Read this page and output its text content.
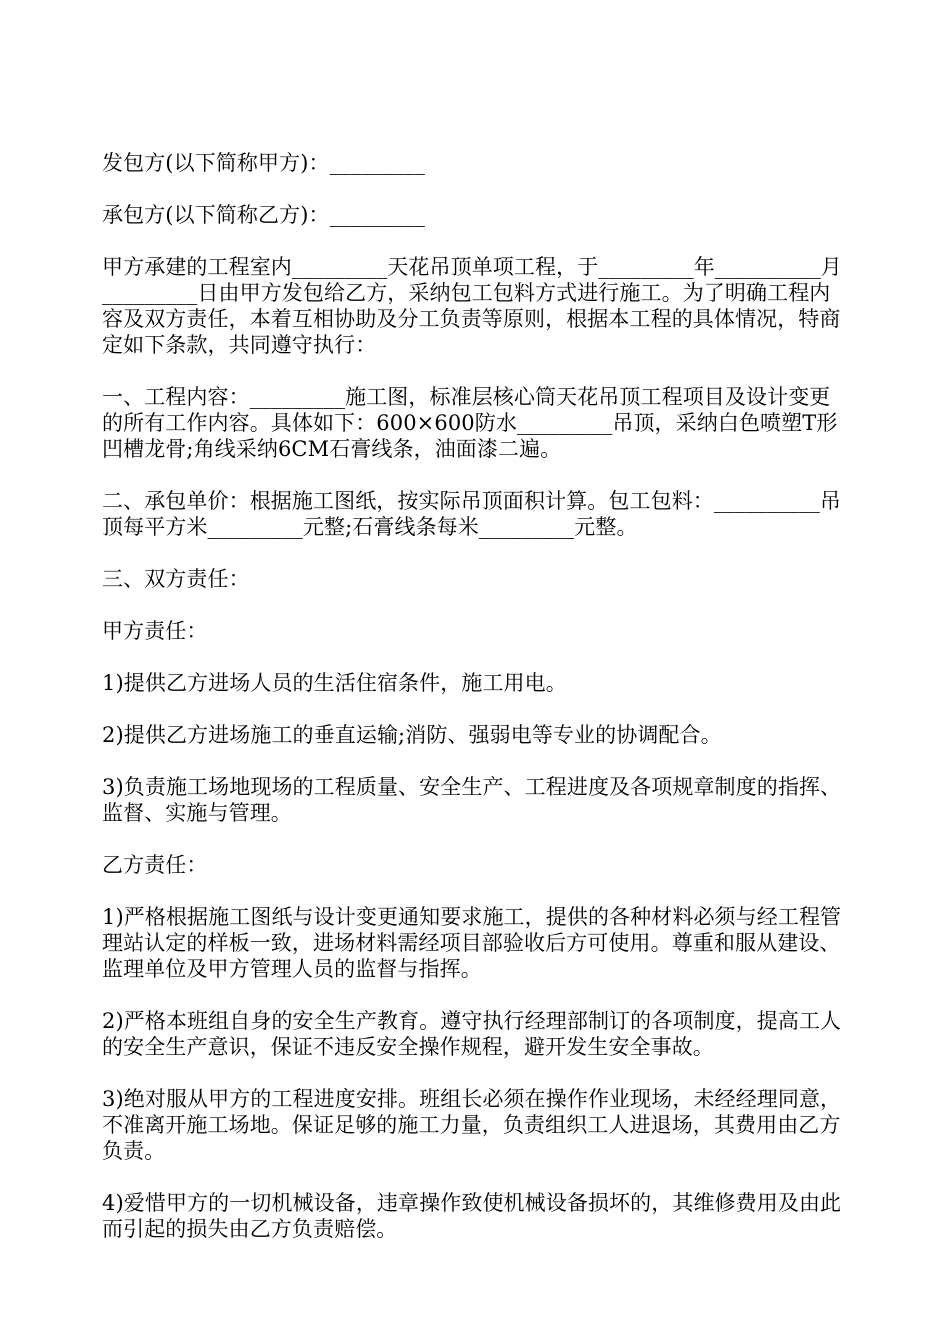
发包方(以下简称甲方)：_________

承包方(以下简称乙方)：_________

甲方承建的工程室内_________天花吊顶单项工程，于_________年__________月_________日由甲方发包给乙方，采纳包工包料方式进行施工。为了明确工程内容及双方责任，本着互相协助及分工负责等原则，根据本工程的具体情况，特商定如下条款，共同遵守执行：

一、工程内容：_________施工图，标准层核心筒天花吊顶工程项目及设计变更的所有工作内容。具体如下：600×600防水_________吊顶，采纳白色喷塑T形凹槽龙骨;角线采纳6CM石膏线条，油面漆二遍。

二、承包单价：根据施工图纸，按实际吊顶面积计算。包工包料：__________吊顶每平方米_________元整;石膏线条每米_________元整。

三、双方责任：

甲方责任：

1)提供乙方进场人员的生活住宿条件，施工用电。

2)提供乙方进场施工的垂直运输;消防、强弱电等专业的协调配合。

3)负责施工场地现场的工程质量、安全生产、工程进度及各项规章制度的指挥、监督、实施与管理。

乙方责任：

1)严格根据施工图纸与设计变更通知要求施工，提供的各种材料必须与经工程管理站认定的样板一致，进场材料需经项目部验收后方可使用。尊重和服从建设、监理单位及甲方管理人员的监督与指挥。

2)严格本班组自身的安全生产教育。遵守执行经理部制订的各项制度，提高工人的安全生产意识，保证不违反安全操作规程，避开发生安全事故。

3)绝对服从甲方的工程进度安排。班组长必须在操作作业现场，未经经理同意，不准离开施工场地。保证足够的施工力量，负责组织工人进退场，其费用由乙方负责。

4)爱惜甲方的一切机械设备，违章操作致使机械设备损坏的，其维修费用及由此而引起的损失由乙方负责赔偿。
